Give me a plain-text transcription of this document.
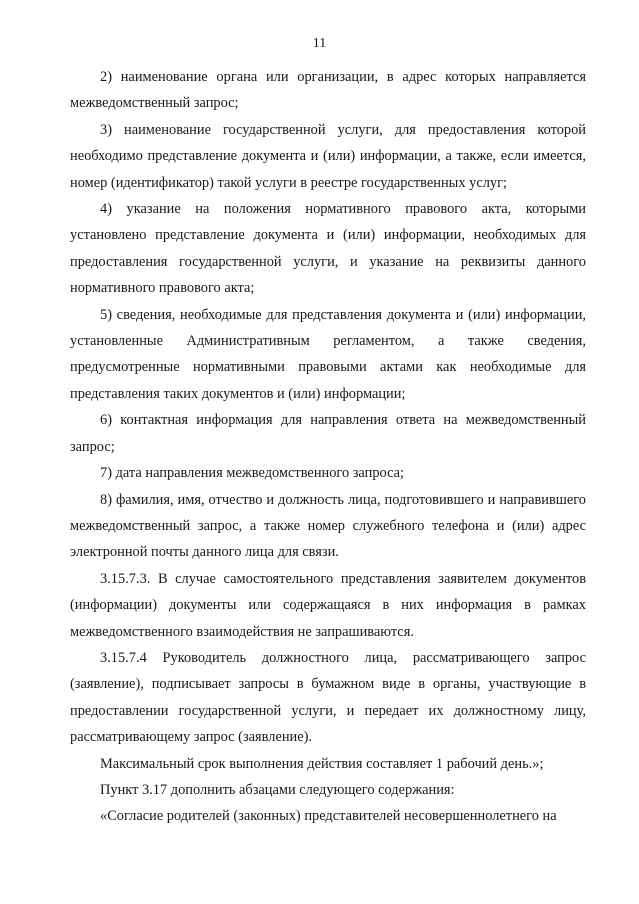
11

2) наименование органа или организации, в адрес которых направляется межведомственный запрос;

3) наименование государственной услуги, для предоставления которой необходимо представление документа и (или) информации, а также, если имеется, номер (идентификатор) такой услуги в реестре государственных услуг;

4) указание на положения нормативного правового акта, которыми установлено представление документа и (или) информации, необходимых для предоставления государственной услуги, и указание на реквизиты данного нормативного правового акта;

5) сведения, необходимые для представления документа и (или) информации, установленные Административным регламентом, а также сведения, предусмотренные нормативными правовыми актами как необходимые для представления таких документов и (или) информации;

6) контактная информация для направления ответа на межведомственный запрос;

7) дата направления межведомственного запроса;

8) фамилия, имя, отчество и должность лица, подготовившего и направившего межведомственный запрос, а также номер служебного телефона и (или) адрес электронной почты данного лица для связи.

3.15.7.3. В случае самостоятельного представления заявителем документов (информации) документы или содержащаяся в них информация в рамках межведомственного взаимодействия не запрашиваются.

3.15.7.4 Руководитель должностного лица, рассматривающего запрос (заявление), подписывает запросы в бумажном виде в органы, участвующие в предоставлении государственной услуги, и передает их должностному лицу, рассматривающему запрос (заявление).

Максимальный срок выполнения действия составляет 1 рабочий день.»;

Пункт 3.17 дополнить абзацами следующего содержания:

«Согласие родителей (законных) представителей несовершеннолетнего на
